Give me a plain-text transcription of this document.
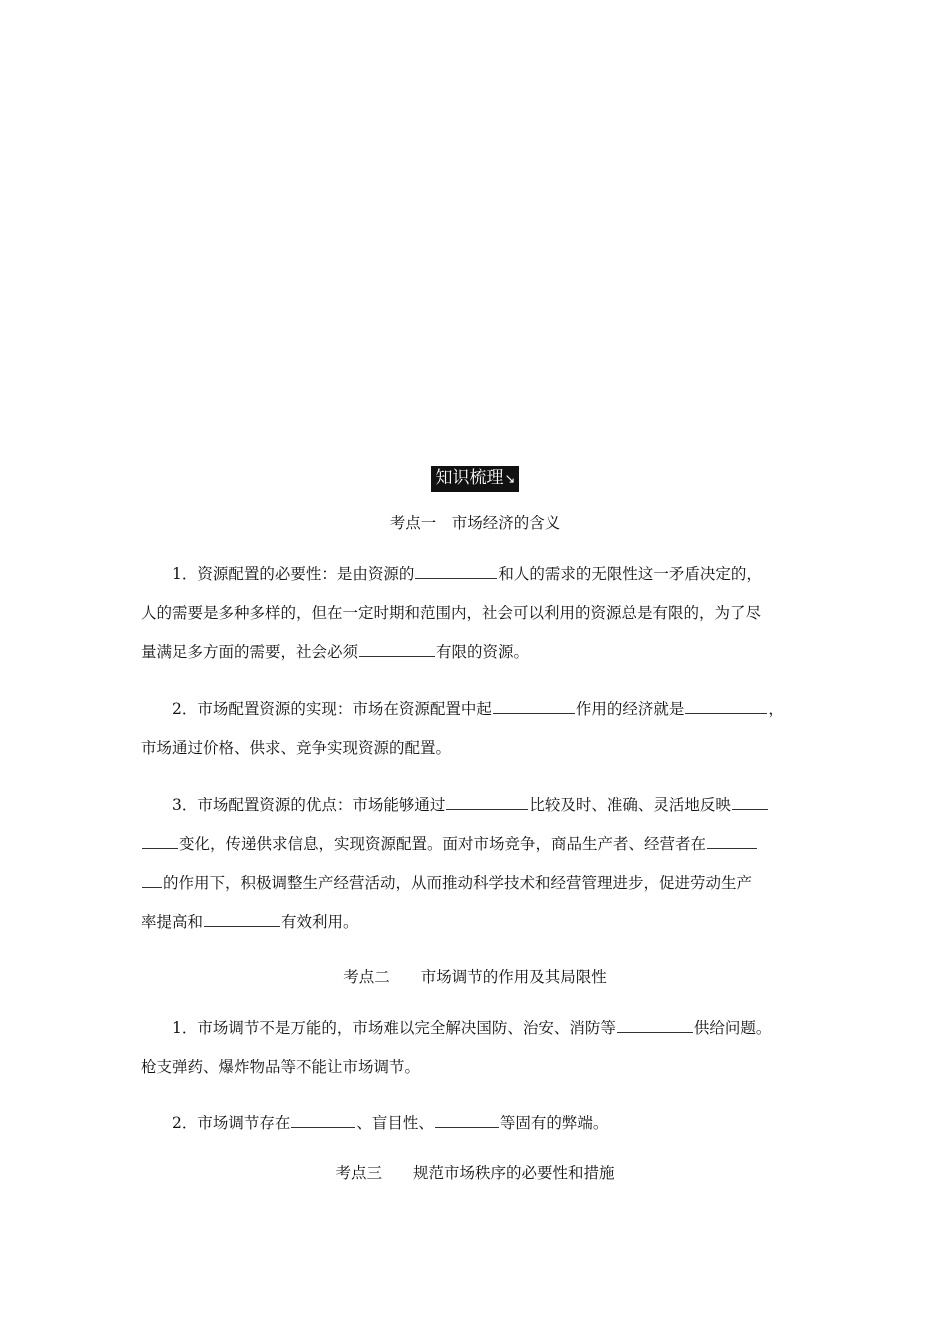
知识梳理↘
考点一　市场经济的含义

1．资源配置的必要性：是由资源的	和人的需求的无限性这一矛盾决定的，
人的需要是多种多样的，但在一定时期和范围内，社会可以利用的资源总是有限的，为了尽
量满足多方面的需要，社会必须	有限的资源。

2．市场配置资源的实现：市场在资源配置中起	作用的经济就是	，
市场通过价格、供求、竞争实现资源的配置。

3．市场配置资源的优点：市场能够通过	比较及时、准确、灵活地反映
变化，传递供求信息，实现资源配置。面对市场竞争，商品生产者、经营者在
的作用下，积极调整生产经营活动，从而推动科学技术和经营管理进步，促进劳动生产
率提高和	有效利用。

考点二　　市场调节的作用及其局限性

1．市场调节不是万能的，市场难以完全解决国防、治安、消防等	供给问题。
枪支弹药、爆炸物品等不能让市场调节。

2．市场调节存在	、盲目性、	等固有的弊端。

考点三　　规范市场秩序的必要性和措施
